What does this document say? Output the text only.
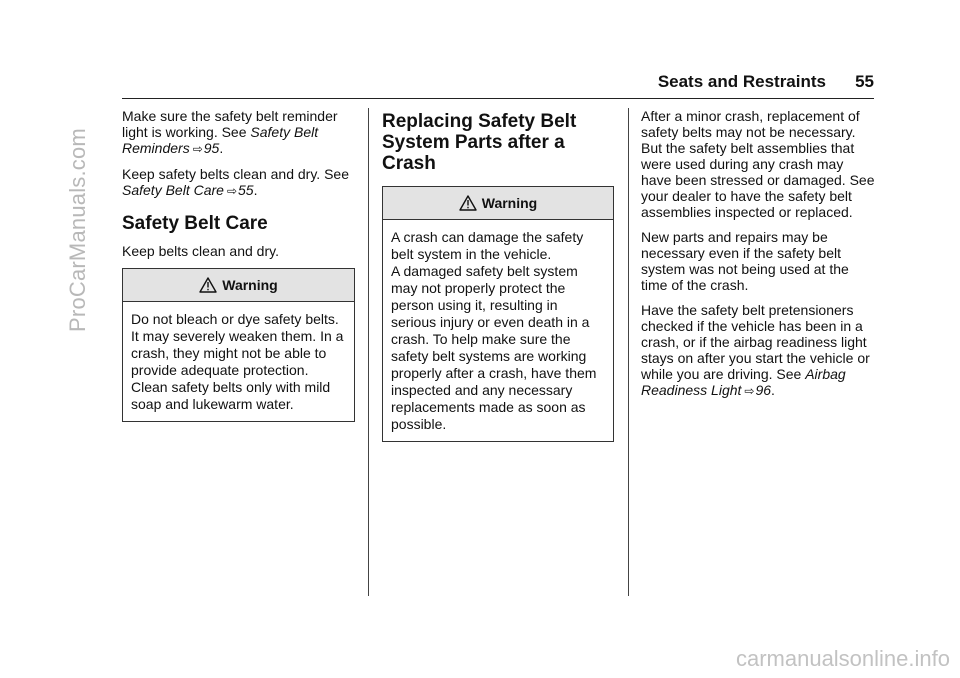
ProCarManuals.com
carmanualsonline.info
Seats and Restraints 55

Make sure the safety belt reminder light is working. See Safety Belt Reminders ⇨95.

Keep safety belts clean and dry. See Safety Belt Care ⇨55.

Safety Belt Care

Keep belts clean and dry.

Warning

Do not bleach or dye safety belts. It may severely weaken them. In a crash, they might not be able to provide adequate protection. Clean safety belts only with mild soap and lukewarm water.

Replacing Safety Belt System Parts after a Crash
Warning

A crash can damage the safety belt system in the vehicle.

A damaged safety belt system may not properly protect the person using it, resulting in serious injury or even death in a crash. To help make sure the safety belt systems are working properly after a crash, have them inspected and any necessary replacements made as soon as possible.

After a minor crash, replacement of safety belts may not be necessary. But the safety belt assemblies that were used during any crash may have been stressed or damaged. See your dealer to have the safety belt assemblies inspected or replaced.

New parts and repairs may be necessary even if the safety belt system was not being used at the time of the crash.

Have the safety belt pretensioners checked if the vehicle has been in a crash, or if the airbag readiness light stays on after you start the vehicle or while you are driving. See Airbag Readiness Light ⇨96.
